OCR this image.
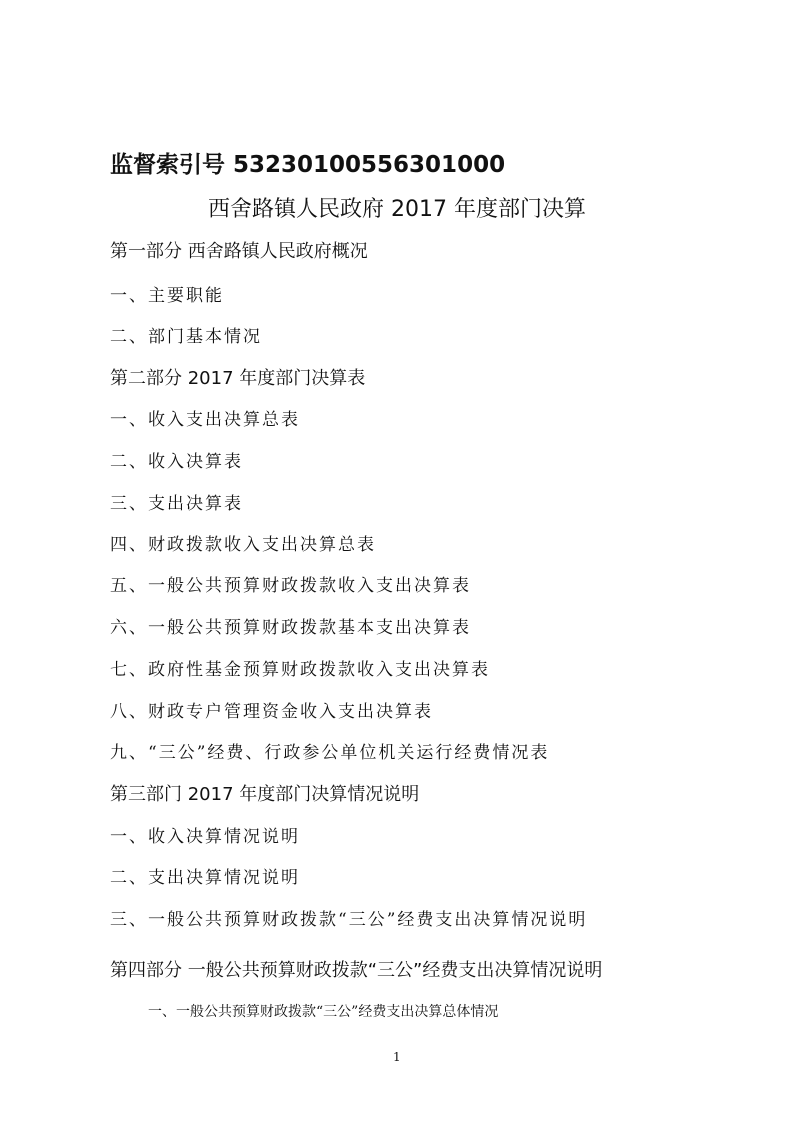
监督索引号 53230100556301000
西舍路镇人民政府 2017 年度部门决算
第一部分 西舍路镇人民政府概况
一、主要职能
二、部门基本情况
第二部分 2017 年度部门决算表
一、收入支出决算总表
二、收入决算表
三、支出决算表
四、财政拨款收入支出决算总表
五、一般公共预算财政拨款收入支出决算表
六、一般公共预算财政拨款基本支出决算表
七、政府性基金预算财政拨款收入支出决算表
八、财政专户管理资金收入支出决算表
九、“三公”经费、行政参公单位机关运行经费情况表
第三部门 2017 年度部门决算情况说明
一、收入决算情况说明
二、支出决算情况说明
三、一般公共预算财政拨款“三公”经费支出决算情况说明
第四部分 一般公共预算财政拨款“三公”经费支出决算情况说明
一、一般公共预算财政拨款“三公”经费支出决算总体情况
1
